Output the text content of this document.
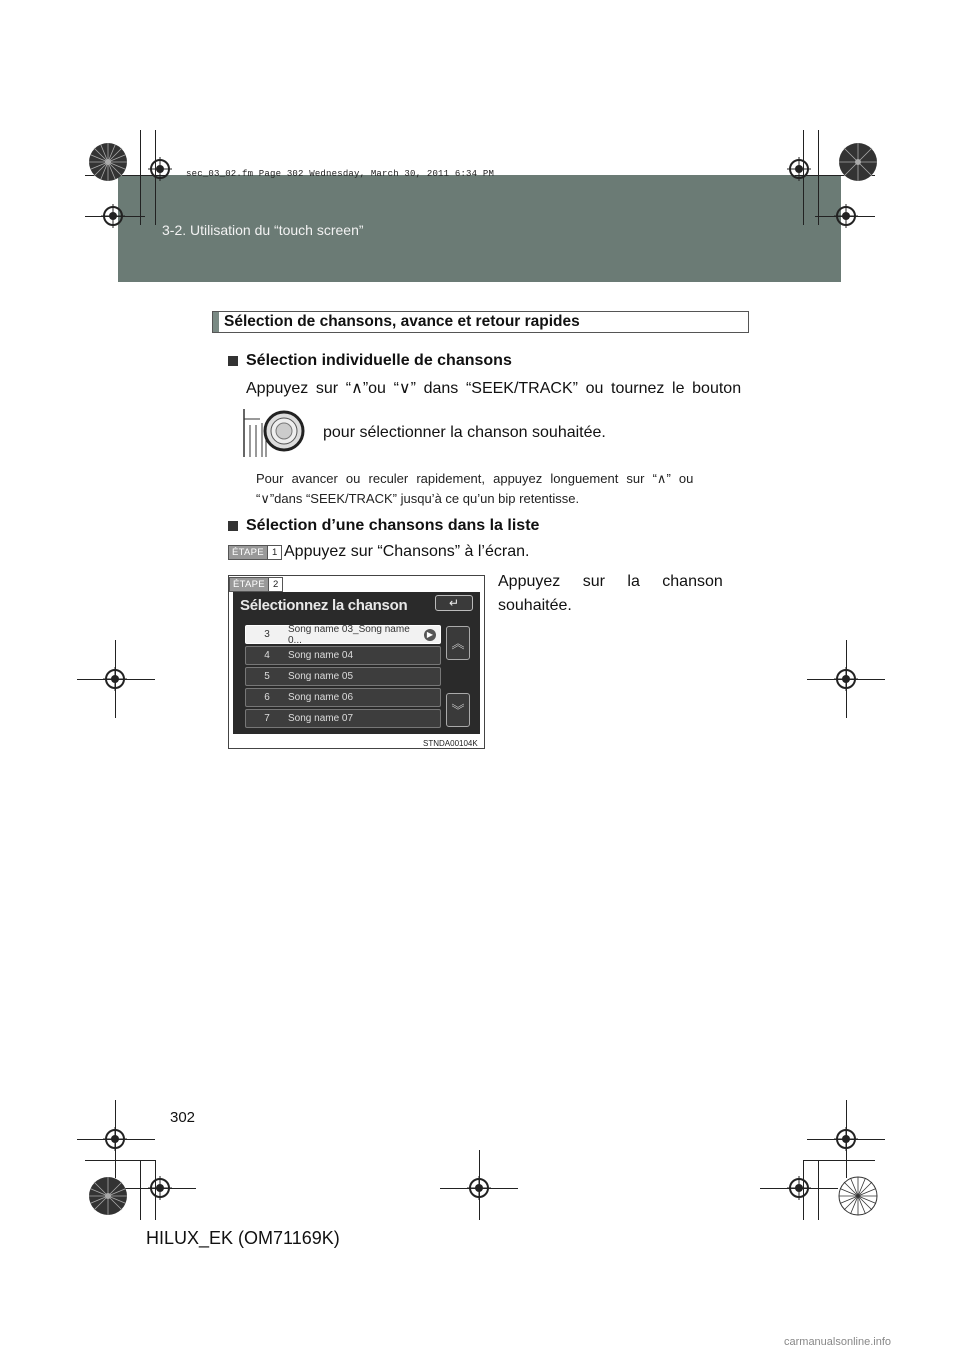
sec_03_02.fm Page 302 Wednesday, March 30, 2011 6:34 PM
3-2. Utilisation du “touch screen”
Sélection de chansons, avance et retour rapides
Sélection individuelle de chansons
Appuyez sur “∧”ou “∨” dans “SEEK/TRACK” ou tournez le bouton
pour sélectionner la chanson souhaitée.
Pour avancer ou reculer rapidement, appuyez longuement sur “∧” ou
“∨”dans “SEEK/TRACK” jusqu’à ce qu’un bip retentisse.
Sélection d’une chansons dans la liste
ÉTAPE 1 Appuyez sur “Chansons” à l’écran.
Appuyez sur la chanson
souhaitée.
ÉTAPE 2
Sélectionnez la chanson	↵
3	Song name 03_Song name 0...	▶
4	Song name 04
5	Song name 05
6	Song name 06
7	Song name 07
︽
︾
STNDA00104K
302
HILUX_EK (OM71169K)
carmanualsonline.info
